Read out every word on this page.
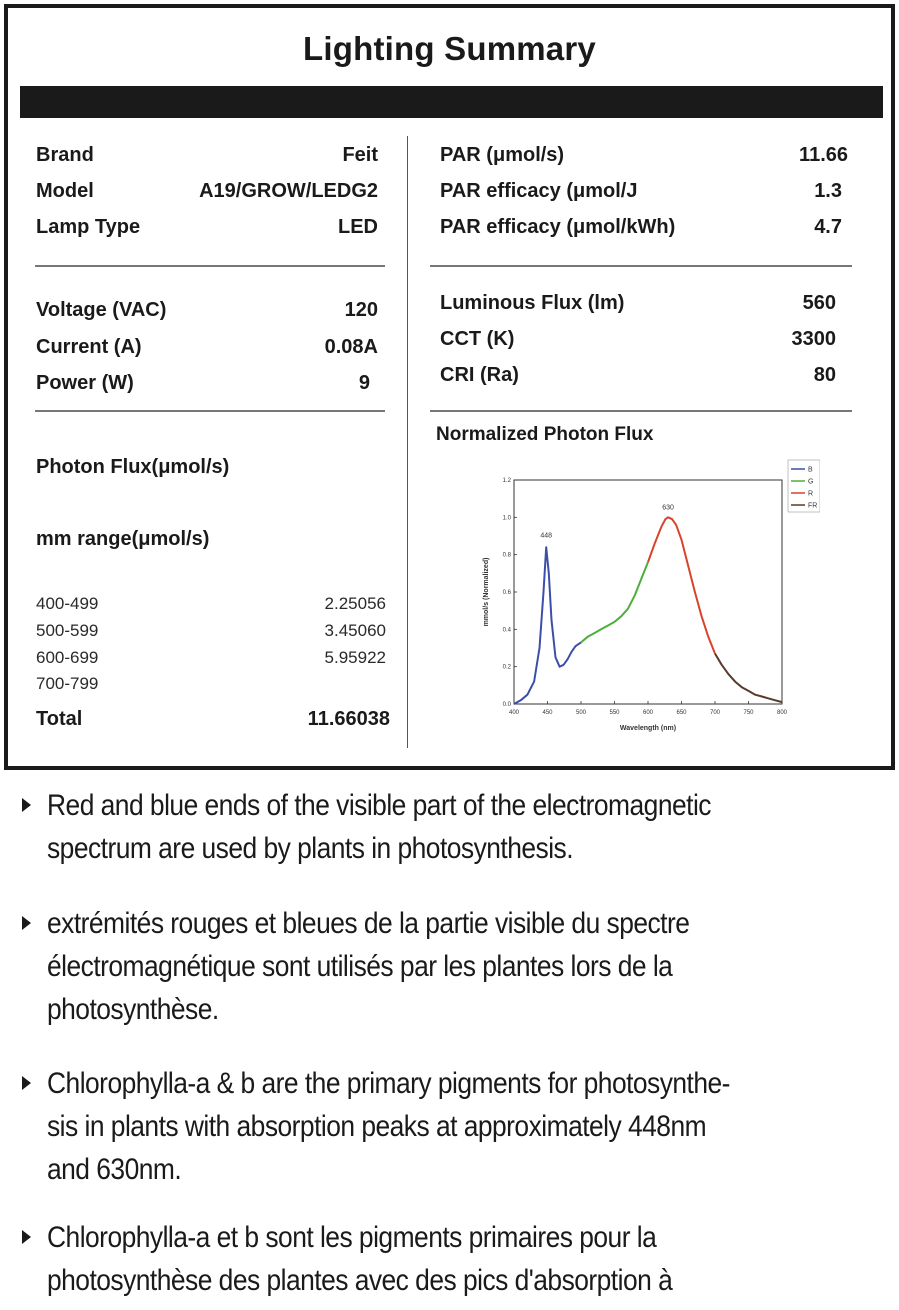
Lighting Summary
Brand	Feit
Model	A19/GROW/LEDG2
Lamp Type	LED
Voltage (VAC)	120
Current (A)	0.08A
Power (W)	9
Photon Flux(μmol/s)
mm range(μmol/s)
400-499	2.25056
500-599	3.45060
600-699	5.95922
700-799
Total	11.66038
PAR (μmol/s)	11.66
PAR efficacy (μmol/J	1.3
PAR efficacy (μmol/kWh)	4.7
Luminous Flux (lm)	560
CCT (K)	3300
CRI (Ra)	80
Normalized Photon Flux
400	450	500	550	600	650	700	750	800
0.0
0.2
0.4
0.6
0.8
1.0
1.2
Wavelength (nm)
mmol/s (Normalized)
448
630
B
G
R
FR
Red and blue ends of the visible part of the electromagnetic
spectrum are used by plants in photosynthesis.
extrémités rouges et bleues de la partie visible du spectre
électromagnétique sont utilisés par les plantes lors de la
photosynthèse.
Chlorophylla-a & b are the primary pigments for photosynthe-
sis in plants with absorption peaks at approximately 448nm
and 630nm.
Chlorophylla-a et b sont les pigments primaires pour la
photosynthèse des plantes avec des pics d'absorption à
